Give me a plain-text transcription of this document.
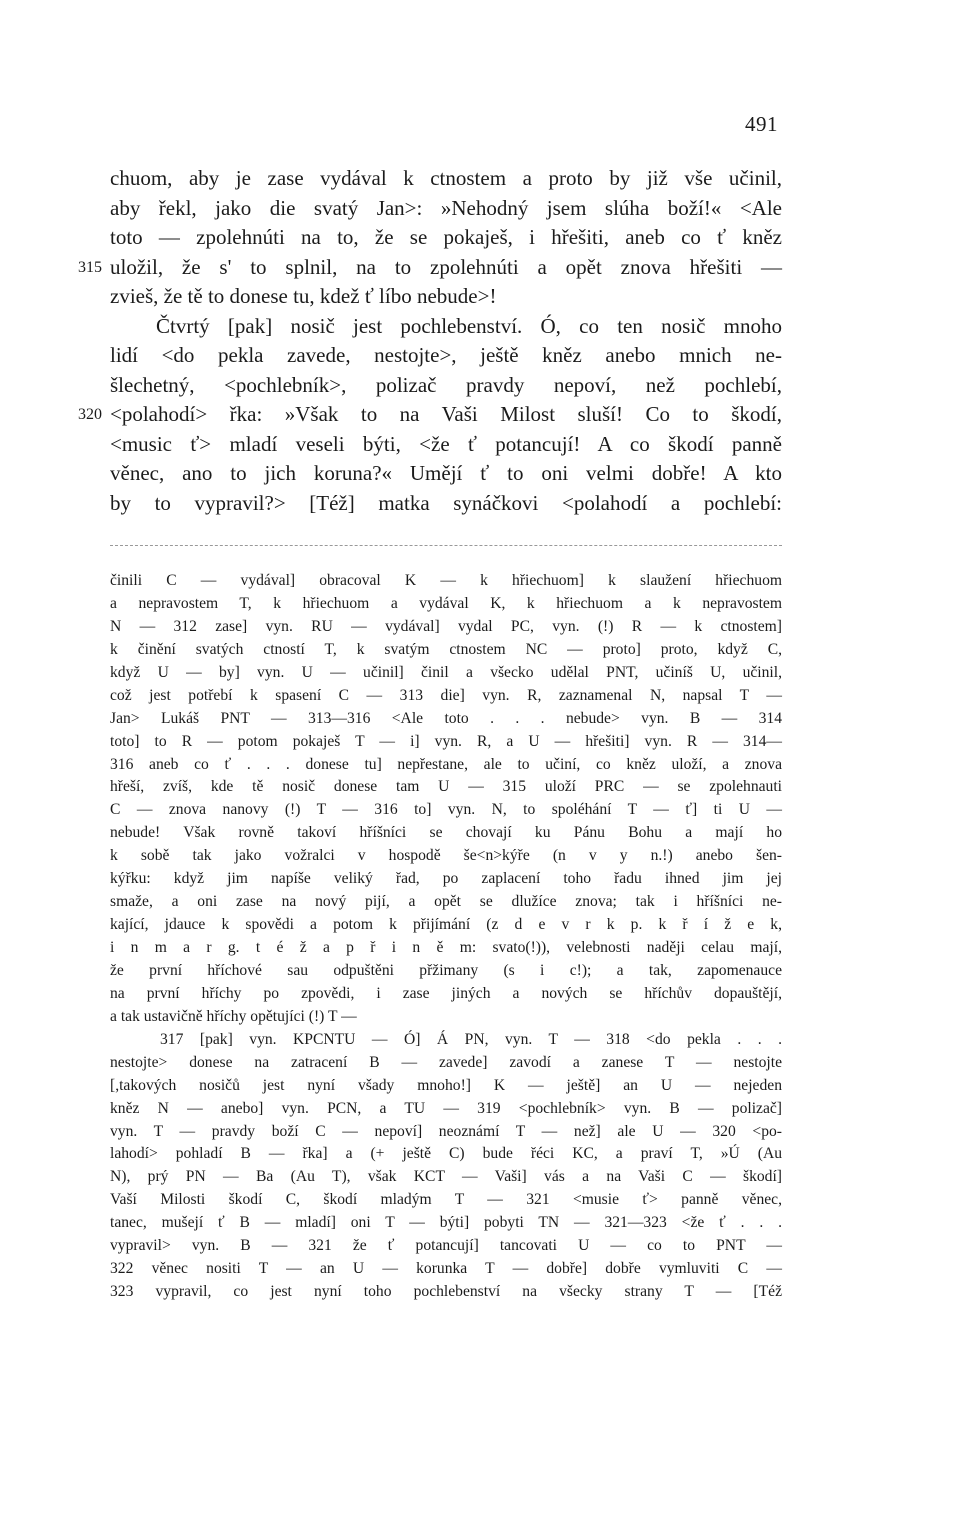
491
chuom, aby je zase vydával k ctnostem a proto by již vše učinil,
aby řekl, jako die svatý Jan>: »Nehodný jsem slúha boží!« <Ale
toto — zpolehnúti na to, že se pokaješ, i hřešiti, aneb co ť kněz
315 uložil, že s' to splnil, na to zpolehnúti a opět znova hřešiti —
zvieš, že tě to donese tu, kdež ť líbo nebude>!
Čtvrtý [pak] nosič jest pochlebenství. Ó, co ten nosič mnoho
lidí <do pekla zavede, nestojte>, ještě kněz anebo mnich ne-
šlechetný, <pochlebník>, polizač pravdy nepoví, než pochlebí,
320 <polahodí> řka: »Však to na Vaši Milost sluší! Co to škodí,
<music ť> mladí veseli býti, <že ť potancují! A co škodí panně
věnec, ano to jich koruna?« Umějí ť to oni velmi dobře! A kto
by to vypravil?> [Též] matka synáčkovi <polahodí a pochlebí:
činili C — vydával] obracoval K — k hřiechuom] k slaužení hřiechuom
a nepravostem T, k hřiechuom a vydával K, k hřiechuom a k nepravostem
N — 312 zase] vyn. RU — vydával] vydal PC, vyn. (!) R — k ctnostem]
k činění svatých ctností T, k svatým ctnostem NC — proto] proto, když C,
když U — by] vyn. U — učinil] činil a všecko udělal PNT, učiníš U, učinil,
což jest potřebí k spasení C — 313 die] vyn. R, zaznamenal N, napsal T —
Jan> Lukáš PNT — 313—316 <Ale toto . . . nebude> vyn. B — 314
toto] to R — potom pokaješ T — i] vyn. R, a U — hřešiti] vyn. R — 314—
316 aneb co ť . . . donese tu] nepřestane, ale to učiní, co kněz uloží, a znova
hřeší, zvíš, kde tě nosič donese tam U — 315 uloží PRC — se zpolehnauti
C — znova nanovy (!) T — 316 to] vyn. N, to spoléhání T — ť] ti U —
nebude! Však rovně takoví hříšníci se chovají ku Pánu Bohu a mají ho
k sobě tak jako vožralci v hospodě še<n>kýře (n v y n.!) anebo šen-
kýřku: když jim napíše veliký řad, po zaplacení toho řadu ihned jim jej
smaže, a oni zase na nový pijí, a opět se dlužíce znova; tak i hříšníci ne-
kající, jdauce k spovědi a potom k přijímání (z d e v r k p. k ř í ž e k,
i n m a r g. t é ž a p ř i n ě m: svato(!)), velebnosti naději celau mají,
že první hříchové sau odpuštěni přžimany (s i c!); a tak, zapomenauce
na první hříchy po zpovědi, i zase jiných a nových se hříchův dopauštějí,
a tak ustavičně hříchy opětujíci (!) T —
317 [pak] vyn. KPCNTU — Ó] Á PN, vyn. T — 318 <do pekla . . .
nestojte> donese na zatracení B — zavede] zavodí a zanese T — nestojte
[,takových nosičů jest nyní všady mnoho!] K — ještě] an U — nejeden
kněz N — anebo] vyn. PCN, a TU — 319 <pochlebník> vyn. B — polizač]
vyn. T — pravdy boží C — nepoví] neoznámí T — než] ale U — 320 <po-
lahodí> pohladí B — řka] a (+ ještě C) bude řéci KC, a praví T, »Ú (Au
N), prý PN — Ba (Au T), však KCT — Vaši] vás a na Vaši C — škodí]
Vaší Milosti škodí C, škodí mladým T — 321 <musie ť> panně věnec,
tanec, mušejí ť B — mladí] oni T — býti] pobyti TN — 321—323 <že ť . . .
vypravil> vyn. B — 321 že ť potancují] tancovati U — co to PNT —
322 věnec nositi T — an U — korunka T — dobře] dobře vymluviti C —
323 vypravil, co jest nyní toho pochlebenství na všecky strany T — [Též
